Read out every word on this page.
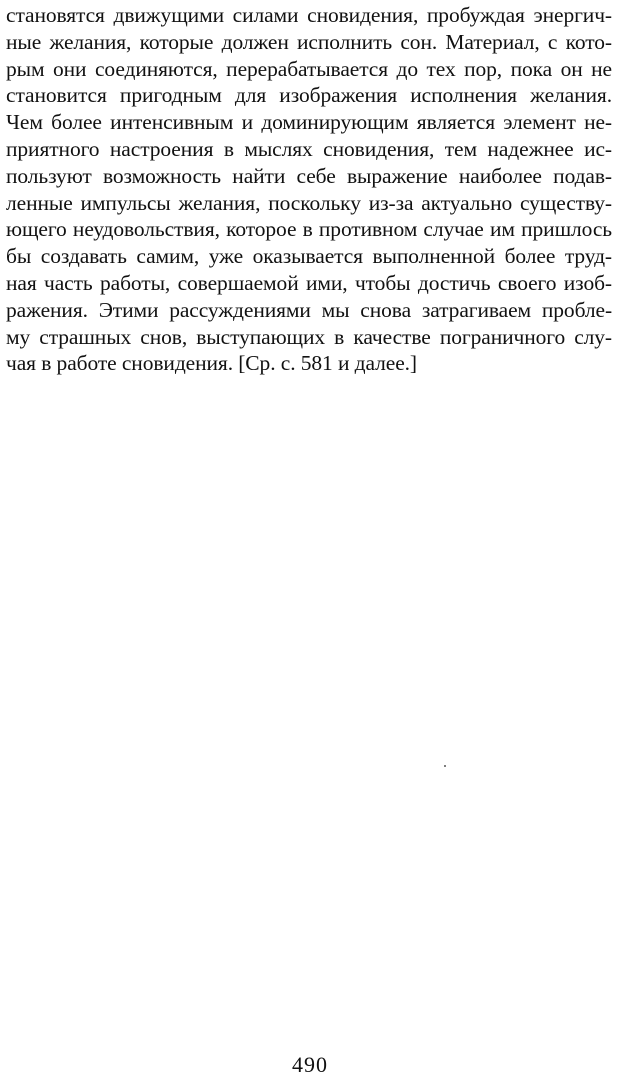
становятся движущими силами сновидения, пробуждая энергич-
ные желания, которые должен исполнить сон. Материал, с кото-
рым они соединяются, перерабатывается до тех пор, пока он не
становится пригодным для изображения исполнения желания.
Чем более интенсивным и доминирующим является элемент не-
приятного настроения в мыслях сновидения, тем надежнее ис-
пользуют возможность найти себе выражение наиболее подав-
ленные импульсы желания, поскольку из-за актуально существу-
ющего неудовольствия, которое в противном случае им пришлось
бы создавать самим, уже оказывается выполненной более труд-
ная часть работы, совершаемой ими, чтобы достичь своего изоб-
ражения. Этими рассуждениями мы снова затрагиваем пробле-
му страшных снов, выступающих в качестве пограничного слу-
чая в работе сновидения. [Ср. с. 581 и далее.]

490
